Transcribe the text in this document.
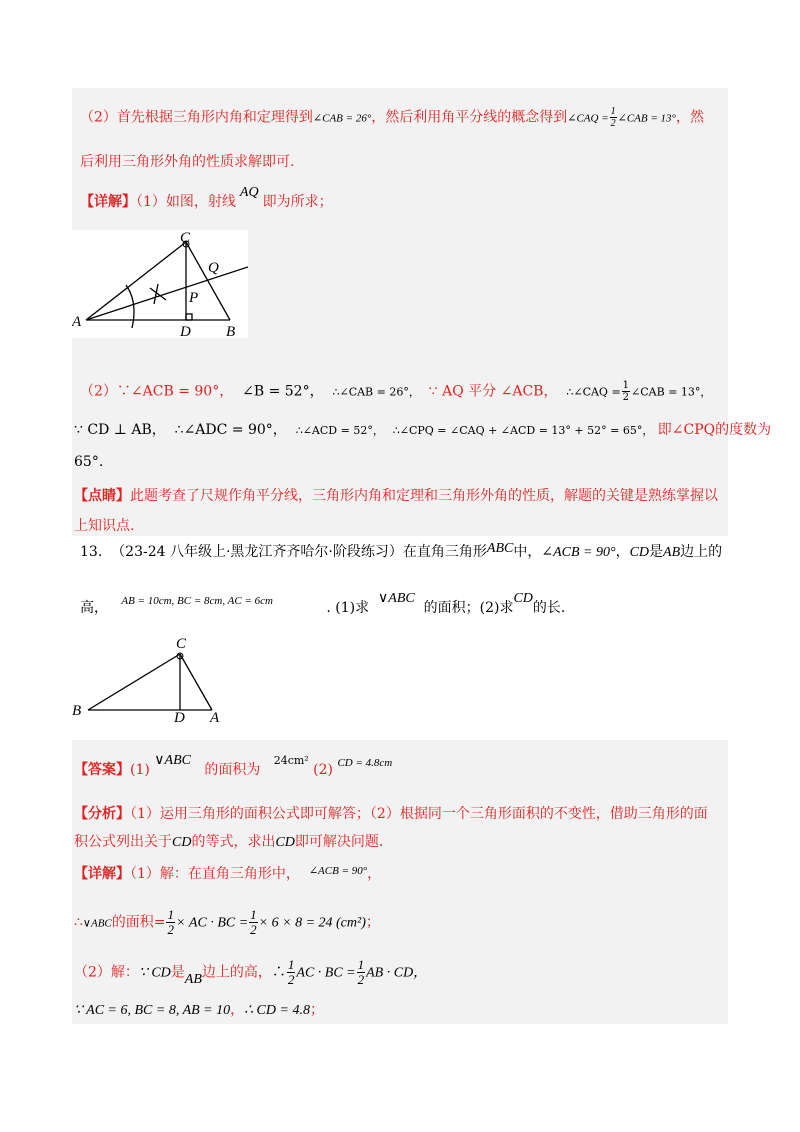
（2）首先根据三角形内角和定理得到∠CAB = 26°，然后利用角平分线的概念得到∠CAQ = $\frac{1}{2}$ ∠CAB = 13°，然
后利用三角形外角的性质求解即可.
【详解】（1）如图，射线AQ即为所求；
C
Q
P
A
D B
（2）∵∠ACB = 90°， ∠B = 52°， ∴∠CAB = 26°， ∵ AQ 平分 ∠ACB， ∴∠CAQ = $\frac{1}{2}$ ∠CAB = 13°，
∵ CD ⊥ AB， ∴∠ADC = 90°， ∴∠ACD = 52°， ∴∠CPQ = ∠CAQ + ∠ACD = 13° + 52° = 65°， 即∠CPQ的度数为
65°.
【点睛】此题考查了尺规作角平分线，三角形内角和定理和三角形外角的性质，解题的关键是熟练掌握以
上知识点.
13. （23-24 八年级上·黑龙江齐齐哈尔·阶段练习）在直角三角形ABC中，∠ACB = 90°，CD是AB边上的
高， $^{AB = 10cm, BC = 8cm, AC = 6cm}$	. (1)求  ∨ABC  的面积；(2)求CD的长.
C
B	D A
【答案】(1) ∨ABC   的面积为   $^{24cm^2}$ (2) $^{CD = 4.8cm}$
【分析】（1）运用三角形的面积公式即可解答；（2）根据同一个三角形面积的不变性，借助三角形的面
积公式列出关于CD的等式，求出CD即可解决问题.
【详解】（1）解：在直角三角形中， $^{\angle ACB = 90^\circ}$，
∴∨ABC的面积= $\frac{1}{2}$ × AC · BC = $\frac{1}{2} \times 6 \times 8 = 24$ (cm²)；
（2）解：∵ CD是AB边上的高，∴ $\frac{1}{2}$ AC · BC = $\frac{1}{2}$ AB · CD，
∵ AC = 6, BC = 8, AB = 10，∴ CD = 4.8；
